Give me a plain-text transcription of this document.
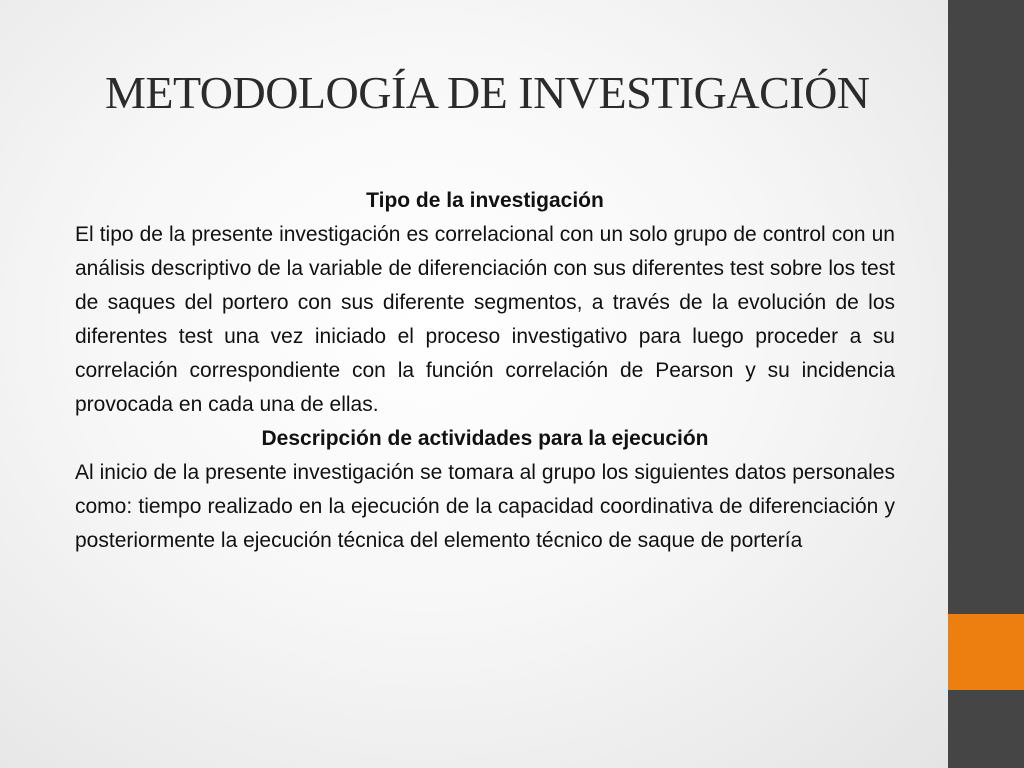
METODOLOGÍA DE INVESTIGACIÓN

Tipo de la investigación

El tipo de la presente investigación es correlacional con un solo grupo de control con un análisis descriptivo de la variable de diferenciación con sus diferentes test sobre los test de saques del portero con sus diferente segmentos, a través de la evolución de los diferentes test una vez iniciado el proceso investigativo para luego proceder a su correlación correspondiente con la función correlación de Pearson y su incidencia provocada en cada una de ellas.

Descripción de actividades para la ejecución

Al inicio de la presente investigación se tomara al grupo los siguientes datos personales como: tiempo realizado en la ejecución de la capacidad coordinativa de diferenciación y posteriormente la ejecución técnica del elemento técnico de saque de portería
